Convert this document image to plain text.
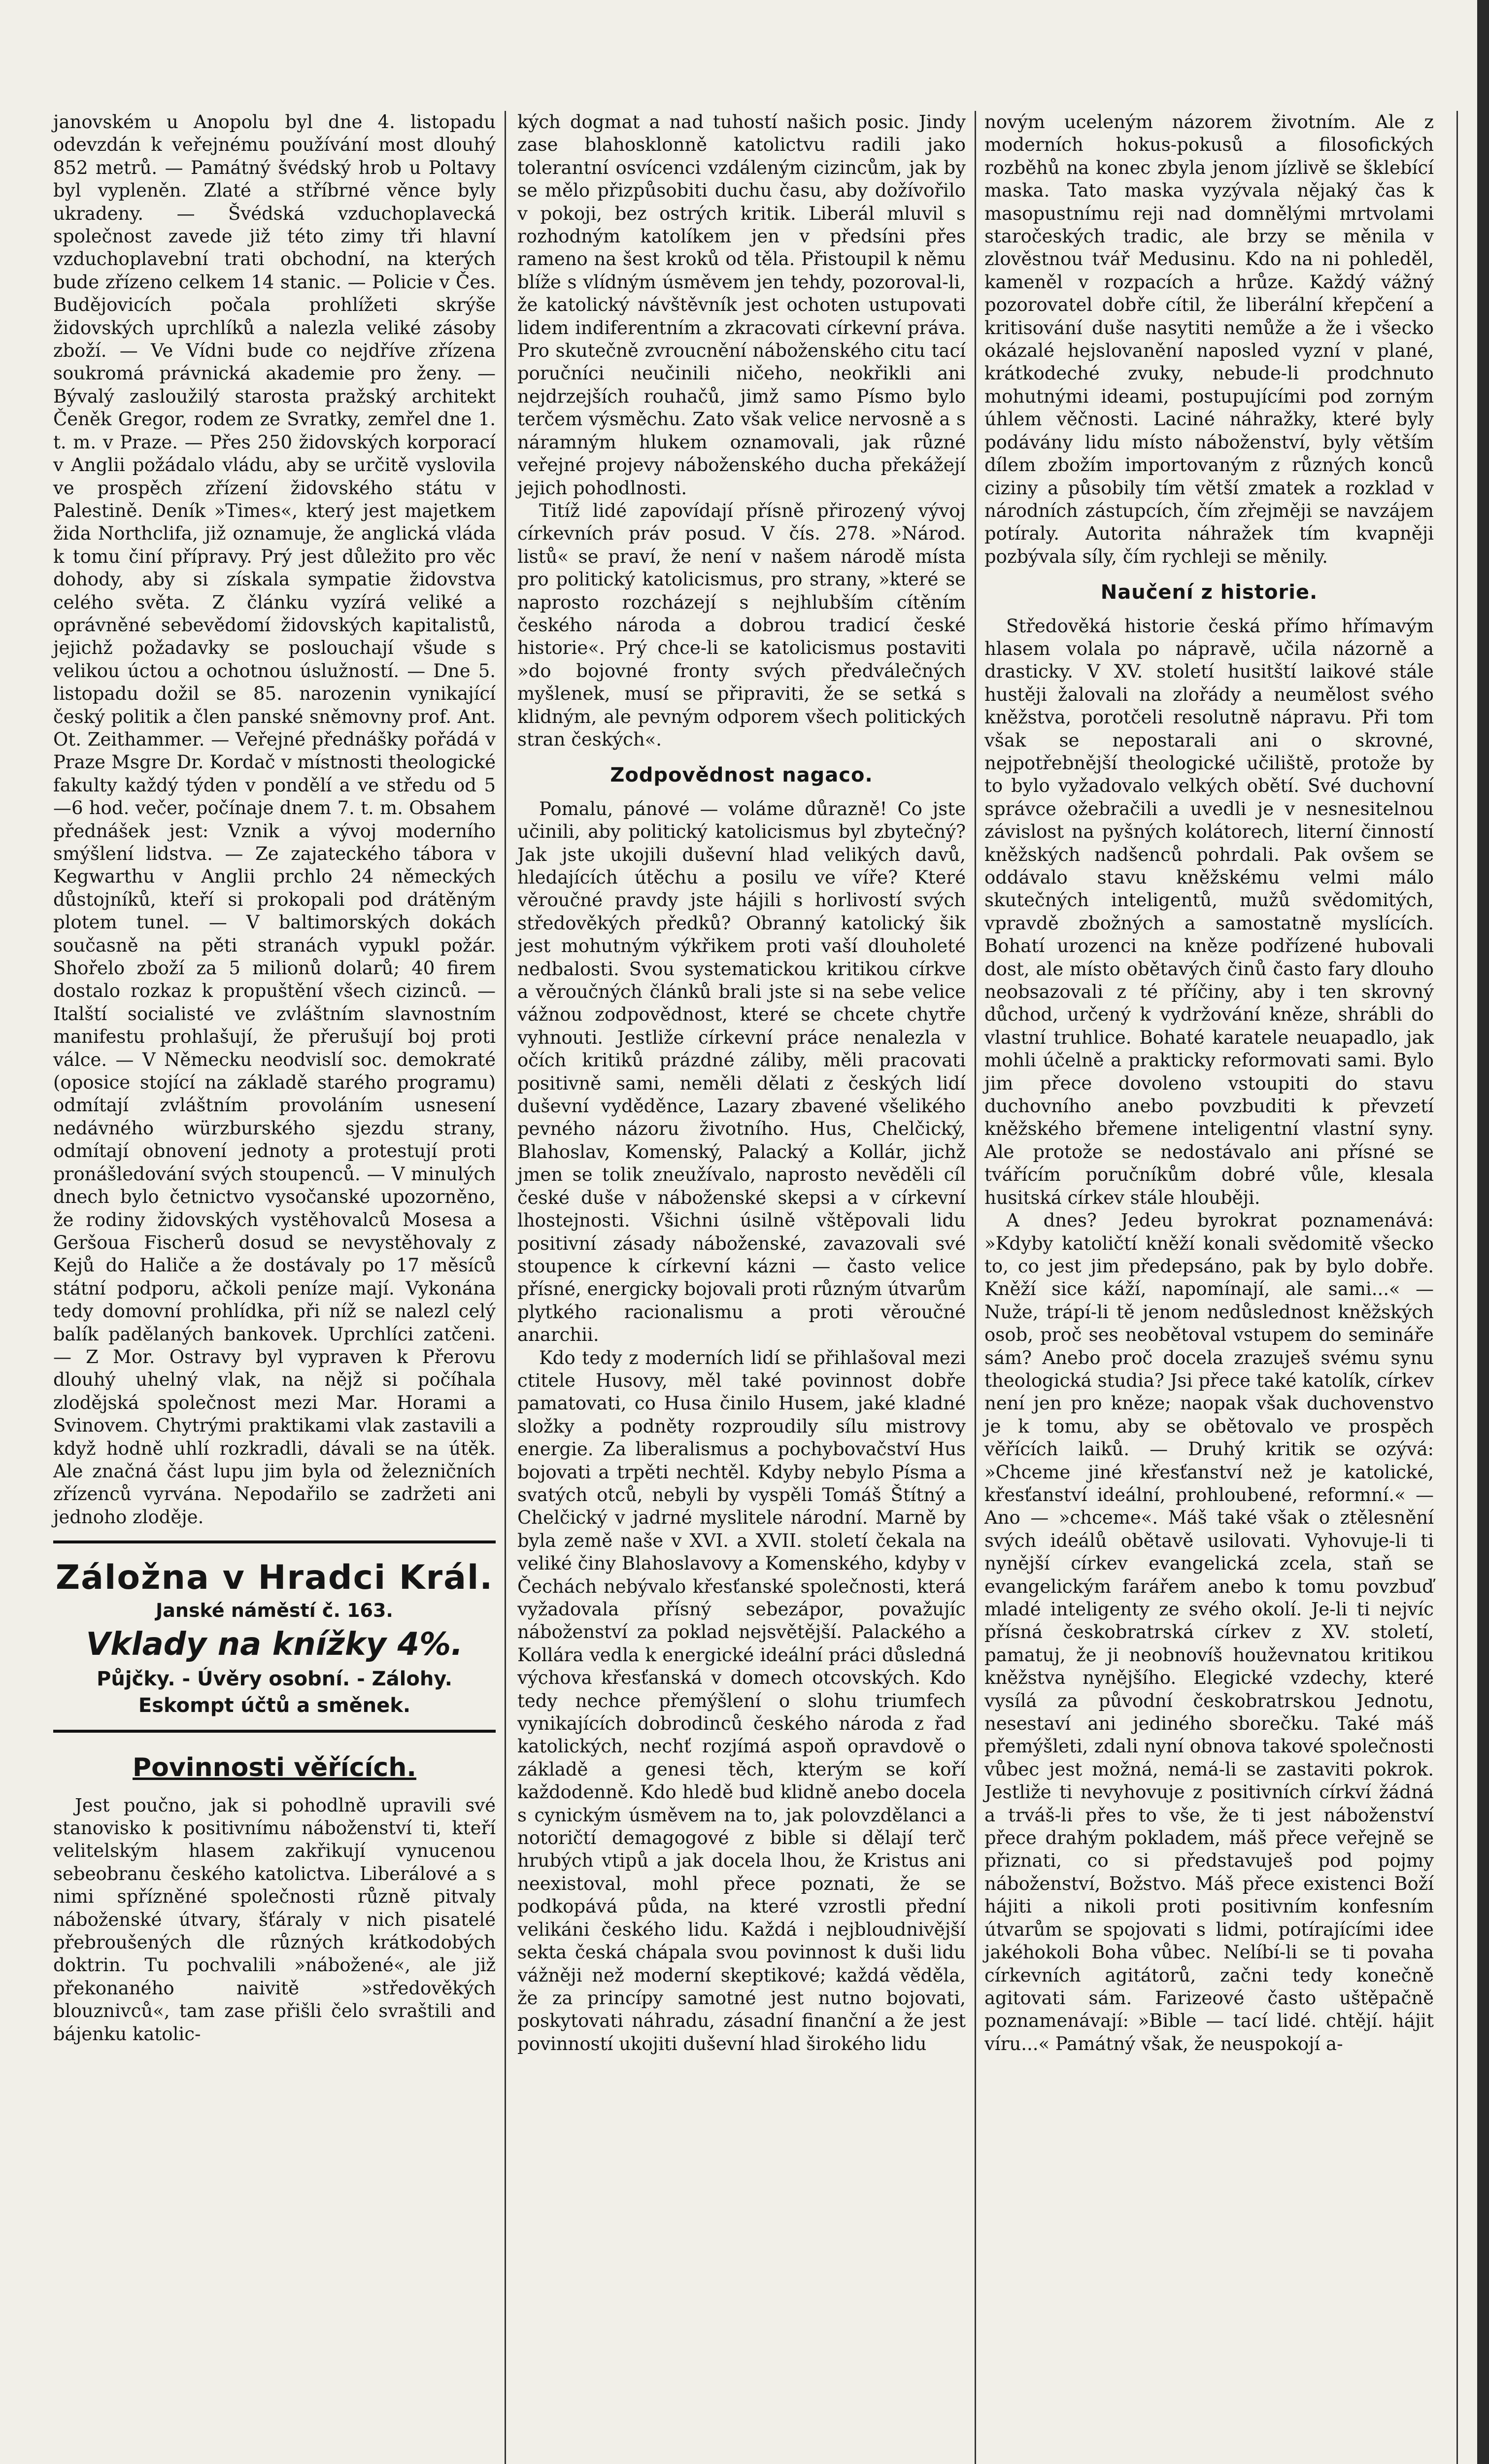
janovském u Anopolu byl dne 4. listopadu odevzdán k veřejnému používání most dlouhý 852 metrů. — Památný švédský hrob u Poltavy byl vypleněn. Zlaté a stříbrné věnce byly ukradeny. — Švédská vzduchoplavecká společnost zavede již této zimy tři hlavní vzduchoplavební trati obchodní, na kterých bude zřízeno celkem 14 stanic. — Policie v Čes. Budějovicích počala prohlížeti skrýše židovských uprchlíků a nalezla veliké zásoby zboží. — Ve Vídni bude co nejdříve zřízena soukromá právnická akademie pro ženy. — Bývalý zasloužilý starosta pražský architekt Čeněk Gregor, rodem ze Svratky, zemřel dne 1. t. m. v Praze. — Přes 250 židovských korporací v Anglii požádalo vládu, aby se určitě vyslovila ve prospěch zřízení židovského státu v Palestině. Deník »Times«, který jest majetkem žida Northclifa, již oznamuje, že anglická vláda k tomu činí přípravy. Prý jest důležito pro věc dohody, aby si získala sympatie židovstva celého světa. Z článku vyzírá veliké a oprávněné sebevědomí židovských kapitalistů, jejichž požadavky se poslouchají všude s velikou úctou a ochotnou úslužností. — Dne 5. listopadu dožil se 85. narozenin vynikající český politik a člen panské sněmovny prof. Ant. Ot. Zeithammer. — Veřejné přednášky pořádá v Praze Msgre Dr. Kordač v místnosti theologické fakulty každý týden v pondělí a ve středu od 5—6 hod. večer, počínaje dnem 7. t. m. Obsahem přednášek jest: Vznik a vývoj moderního smýšlení lidstva. — Ze zajateckého tábora v Kegwarthu v Anglii prchlo 24 německých důstojníků, kteří si prokopali pod drátěným plotem tunel. — V baltimorských dokách současně na pěti stranách vypukl požár. Shořelo zboží za 5 milionů dolarů; 40 firem dostalo rozkaz k propuštění všech cizinců. — Italští socialisté ve zvláštním slavnostním manifestu prohlašují, že přerušují boj proti válce. — V Německu neodvislí soc. demokraté (oposice stojící na základě starého programu) odmítají zvláštním provoláním usnesení nedávného würzburského sjezdu strany, odmítají obnovení jednoty a protestují proti pronášledování svých stoupenců. — V minulých dnech bylo četnictvo vysočanské upozorněno, že rodiny židovských vystěhovalců Mosesa a Geršoua Fischerů dosud se nevystěhovaly z Kejů do Haliče a že dostávaly po 17 měsíců státní podporu, ačkoli peníze mají. Vykonána tedy domovní prohlídka, při níž se nalezl celý balík padělaných bankovek. Uprchlíci zatčeni. — Z Mor. Ostravy byl vypraven k Přerovu dlouhý uhelný vlak, na nějž si počíhala zlodějská společnost mezi Mar. Horami a Svinovem. Chytrými praktikami vlak zastavili a když hodně uhlí rozkradli, dávali se na útěk. Ale značná část lupu jim byla od železničních zřízenců vyrvána. Nepodařilo se zadržeti ani jednoho zloděje.

Záložna v Hradci Král.
Janské náměstí č. 163.
Vklady na knížky 4%.
Půjčky. - Úvěry osobní. - Zálohy.
Eskompt účtů a směnek.
Povinnosti věřících.

Jest poučno, jak si pohodlně upravili své stanovisko k positivnímu náboženství ti, kteří velitelským hlasem zakřikují vynucenou sebeobranu českého katolictva. Liberálové a s nimi spřízněné společnosti různě pitvaly náboženské útvary, šťáraly v nich pisatelé přebroušených dle různých krátkodobých doktrin. Tu pochvalili »nábožené«, ale již překonaného naivitě »středověkých blouznivců«, tam zase přišli čelo svraštili and bájenku katolic-

kých dogmat a nad tuhostí našich posic. Jindy zase blahosklonně katolictvu radili jako tolerantní osvícenci vzdáleným cizincům, jak by se mělo přizpůsobiti duchu času, aby dožívořilo v pokoji, bez ostrých kritik. Liberál mluvil s rozhodným katolíkem jen v předsíni přes rameno na šest kroků od těla. Přistoupil k němu blíže s vlídným úsměvem jen tehdy, pozoroval-li, že katolický návštěvník jest ochoten ustupovati lidem indiferentním a zkracovati církevní práva. Pro skutečně zvroucnění náboženského citu tací poručníci neučinili ničeho, neokřikli ani nejdrzejších rouhačů, jimž samo Písmo bylo terčem výsměchu. Zato však velice nervosně a s náramným hlukem oznamovali, jak různé veřejné projevy náboženského ducha překážejí jejich pohodlnosti.

Titíž lidé zapovídají přísně přirozený vývoj církevních práv posud. V čís. 278. »Národ. listů« se praví, že není v našem národě místa pro politický katolicismus, pro strany, »které se naprosto rozcházejí s nejhlubším cítěním českého národa a dobrou tradicí české historie«. Prý chce-li se katolicismus postaviti »do bojovné fronty svých předválečných myšlenek, musí se připraviti, že se setká s klidným, ale pevným odporem všech politických stran českých«.

Zodpovědnost nagaco.

Pomalu, pánové — voláme důrazně! Co jste učinili, aby politický katolicismus byl zbytečný? Jak jste ukojili duševní hlad velikých davů, hledajících útěchu a posilu ve víře? Které věroučné pravdy jste hájili s horlivostí svých středověkých předků? Obranný katolický šik jest mohutným výkřikem proti vaší dlouholeté nedbalosti. Svou systematickou kritikou církve a věroučných článků brali jste si na sebe velice vážnou zodpovědnost, které se chcete chytře vyhnouti. Jestliže církevní práce nenalezla v očích kritiků prázdné záliby, měli pracovati positivně sami, neměli dělati z českých lidí duševní vyděděnce, Lazary zbavené všelikého pevného názoru životního. Hus, Chelčický, Blahoslav, Komenský, Palacký a Kollár, jichž jmen se tolik zneužívalo, naprosto nevěděli cíl české duše v náboženské skepsi a v církevní lhostejnosti. Všichni úsilně vštěpovali lidu positivní zásady náboženské, zavazovali své stoupence k církevní kázni — často velice přísné, energicky bojovali proti různým útvarům plytkého racionalismu a proti věroučné anarchii.

Kdo tedy z moderních lidí se přihlašoval mezi ctitele Husovy, měl také povinnost dobře pamatovati, co Husa činilo Husem, jaké kladné složky a podněty rozproudily sílu mistrovy energie. Za liberalismus a pochybovačství Hus bojovati a trpěti nechtěl. Kdyby nebylo Písma a svatých otců, nebyli by vyspěli Tomáš Štítný a Chelčický v jadrné myslitele národní. Marně by byla země naše v XVI. a XVII. století čekala na veliké činy Blahoslavovy a Komenského, kdyby v Čechách nebývalo křesťanské společnosti, která vyžadovala přísný sebezápor, považujíc náboženství za poklad nejsvětější. Palackého a Kollára vedla k energické ideální práci důsledná výchova křesťanská v domech otcovských. Kdo tedy nechce přemýšlení o slohu triumfech vynikajících dobrodinců českého národa z řad katolických, nechť rozjímá aspoň opravdově o základě a genesi těch, kterým se koří každodenně. Kdo hledě bud klidně anebo docela s cynickým úsměvem na to, jak polovzdělanci a notoričtí demagogové z bible si dělají terč hrubých vtipů a jak docela lhou, že Kristus ani neexistoval, mohl přece poznati, že se podkopává půda, na které vzrostli přední velikáni českého lidu. Každá i nejbloudnivější sekta česká chápala svou povinnost k duši lidu vážněji než moderní skeptikové; každá věděla, že za princípy samotné jest nutno bojovati, poskytovati náhradu, zásadní finanční a že jest povinností ukojiti duševní hlad širokého lidu

novým uceleným názorem životním. Ale z moderních hokus-pokusů a filosofických rozběhů na konec zbyla jenom jízlivě se šklebící maska. Tato maska vyzývala nějaký čas k masopustnímu reji nad domnělými mrtvolami staročeských tradic, ale brzy se měnila v zlověstnou tvář Medusinu. Kdo na ni pohleděl, kameněl v rozpacích a hrůze. Každý vážný pozorovatel dobře cítil, že liberální křepčení a kritisování duše nasytiti nemůže a že i všecko okázalé hejslovanění naposled vyzní v plané, krátkodeché zvuky, nebude-li prodchnuto mohutnými ideami, postupujícími pod zorným úhlem věčnosti. Laciné náhražky, které byly podávány lidu místo náboženství, byly větším dílem zbožím importovaným z různých konců ciziny a působily tím větší zmatek a rozklad v národních zástupcích, čím zřejměji se navzájem potíraly. Autorita náhražek tím kvapněji pozbývala síly, čím rychleji se měnily.

Naučení z historie.

Středověká historie česká přímo hřímavým hlasem volala po nápravě, učila názorně a drasticky. V XV. století husitští laikové stále hustěji žalovali na zlořády a neumělost svého kněžstva, porotčeli resolutně nápravu. Při tom však se nepostarali ani o skrovné, nejpotřebnější theologické učiliště, protože by to bylo vyžadovalo velkých obětí. Své duchovní správce ožebračili a uvedli je v nesnesitelnou závislost na pyšných kolátorech, literní činností kněžských nadšenců pohrdali. Pak ovšem se oddávalo stavu kněžskému velmi málo skutečných inteligentů, mužů svědomitých, vpravdě zbožných a samostatně myslících. Bohatí urozenci na kněze podřízené hubovali dost, ale místo obětavých činů často fary dlouho neobsazovali z té příčiny, aby i ten skrovný důchod, určený k vydržování kněze, shrábli do vlastní truhlice. Bohaté karatele neuapadlo, jak mohli účelně a prakticky reformovati sami. Bylo jim přece dovoleno vstoupiti do stavu duchovního anebo povzbuditi k převzetí kněžského břemene inteligentní vlastní syny. Ale protože se nedostávalo ani přísné se tvářícím poručníkům dobré vůle, klesala husitská církev stále hlouběji.

A dnes? Jedeu byrokrat poznamenává: »Kdyby katoličtí kněží konali svědomitě všecko to, co jest jim předepsáno, pak by bylo dobře. Kněží sice káží, napomínají, ale sami...« — Nuže, trápí-li tě jenom nedůslednost kněžských osob, proč ses neobětoval vstupem do semináře sám? Anebo proč docela zrazuješ svému synu theologická studia? Jsi přece také katolík, církev není jen pro kněze; naopak však duchovenstvo je k tomu, aby se obětovalo ve prospěch věřících laiků. — Druhý kritik se ozývá: »Chceme jiné křesťanství než je katolické, křesťanství ideální, prohloubené, reformní.« — Ano — »chceme«. Máš také však o ztělesnění svých ideálů obětavě usilovati. Vyhovuje-li ti nynější církev evangelická zcela, staň se evangelickým farářem anebo k tomu povzbuď mladé inteligenty ze svého okolí. Je-li ti nejvíc přísná českobratrská církev z XV. století, pamatuj, že ji neobnovíš houževnatou kritikou kněžstva nynějšího. Elegické vzdechy, které vysílá za původní českobratrskou Jednotu, nesestaví ani jediného sborečku. Také máš přemýšleti, zdali nyní obnova takové společnosti vůbec jest možná, nemá-li se zastaviti pokrok. Jestliže ti nevyhovuje z positivních církví žádná a trváš-li přes to vše, že ti jest náboženství přece drahým pokladem, máš přece veřejně se přiznati, co si představuješ pod pojmy náboženství, Božstvo. Máš přece existenci Boží hájiti a nikoli proti positivním konfesním útvarům se spojovati s lidmi, potírajícími idee jakéhokoli Boha vůbec. Nelíbí-li se ti povaha církevních agitátorů, začni tedy konečně agitovati sám. Farizeové často uštěpačně poznamenávají: »Bible — tací lidé. chtějí. hájit víru...« Památný však, že neuspokojí a-
